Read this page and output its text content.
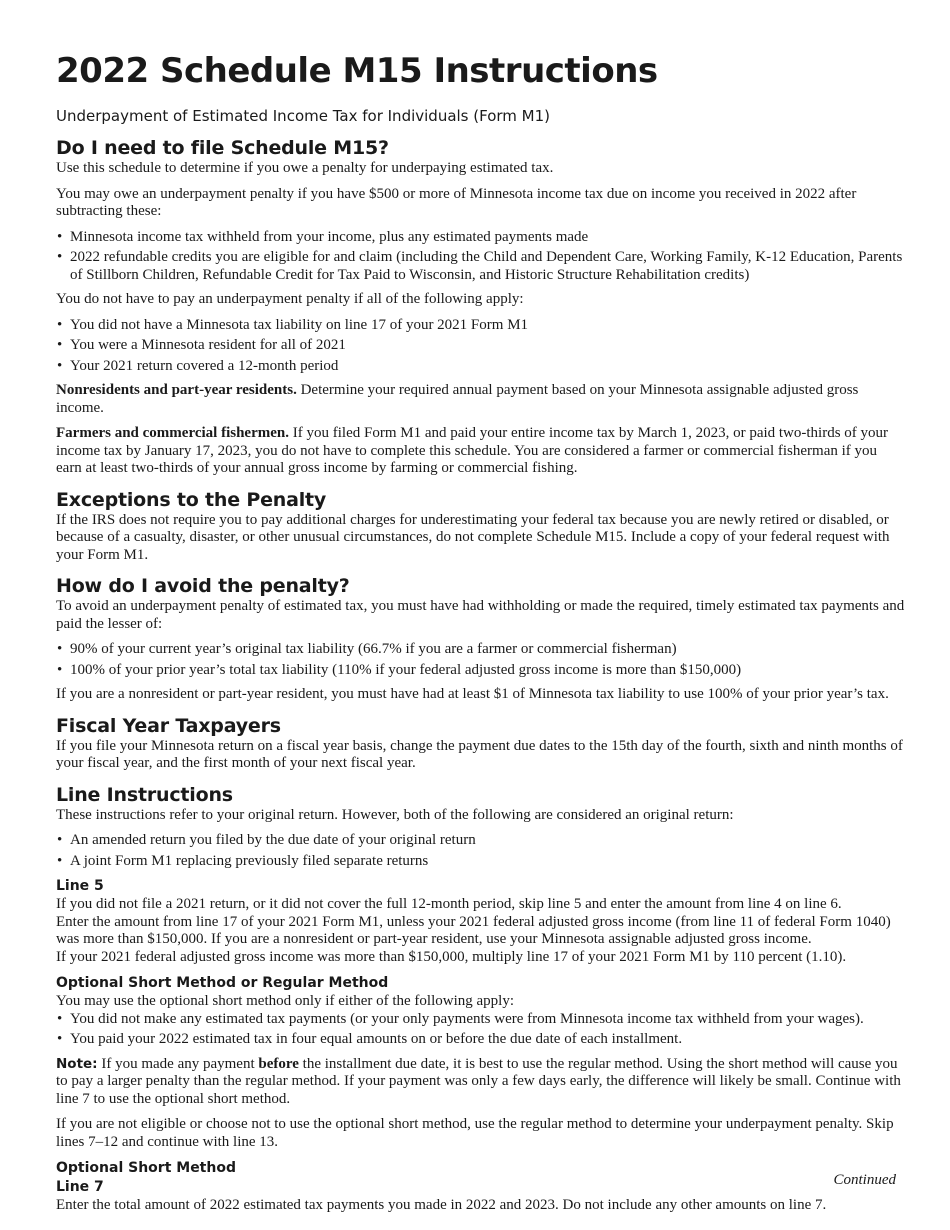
2022 Schedule M15 Instructions
Underpayment of Estimated Income Tax for Individuals (Form M1)
Do I need to file Schedule M15?

Use this schedule to determine if you owe a penalty for underpaying estimated tax.

You may owe an underpayment penalty if you have $500 or more of Minnesota income tax due on income you received in 2022 after subtracting these:

• Minnesota income tax withheld from your income, plus any estimated payments made
• 2022 refundable credits you are eligible for and claim (including the Child and Dependent Care, Working Family, K-12 Education, Parents of Stillborn Children, Refundable Credit for Tax Paid to Wisconsin, and Historic Structure Rehabilitation credits)

You do not have to pay an underpayment penalty if all of the following apply:

• You did not have a Minnesota tax liability on line 17 of your 2021 Form M1
• You were a Minnesota resident for all of 2021
• Your 2021 return covered a 12-month period

Nonresidents and part-year residents. Determine your required annual payment based on your Minnesota assignable adjusted gross income.

Farmers and commercial fishermen. If you filed Form M1 and paid your entire income tax by March 1, 2023, or paid two-thirds of your income tax by January 17, 2023, you do not have to complete this schedule. You are considered a farmer or commercial fisherman if you earn at least two-thirds of your annual gross income by farming or commercial fishing.

Exceptions to the Penalty

If the IRS does not require you to pay additional charges for underestimating your federal tax because you are newly retired or disabled, or because of a casualty, disaster, or other unusual circumstances, do not complete Schedule M15. Include a copy of your federal request with your Form M1.

How do I avoid the penalty?

To avoid an underpayment penalty of estimated tax, you must have had withholding or made the required, timely estimated tax payments and paid the lesser of:

• 90% of your current year’s original tax liability (66.7% if you are a farmer or commercial fisherman)
• 100% of your prior year’s total tax liability (110% if your federal adjusted gross income is more than $150,000)

If you are a nonresident or part-year resident, you must have had at least $1 of Minnesota tax liability to use 100% of your prior year’s tax.

Fiscal Year Taxpayers

If you file your Minnesota return on a fiscal year basis, change the payment due dates to the 15th day of the fourth, sixth and ninth months of your fiscal year, and the first month of your next fiscal year.

Line Instructions

These instructions refer to your original return. However, both of the following are considered an original return:

• An amended return you filed by the due date of your original return
• A joint Form M1 replacing previously filed separate returns
Line 5

If you did not file a 2021 return, or it did not cover the full 12-month period, skip line 5 and enter the amount from line 4 on line 6.

Enter the amount from line 17 of your 2021 Form M1, unless your 2021 federal adjusted gross income (from line 11 of federal Form 1040) was more than $150,000. If you are a nonresident or part-year resident, use your Minnesota assignable adjusted gross income.

If your 2021 federal adjusted gross income was more than $150,000, multiply line 17 of your 2021 Form M1 by 110 percent (1.10).

Optional Short Method or Regular Method

You may use the optional short method only if either of the following apply:

• You did not make any estimated tax payments (or your only payments were from Minnesota income tax withheld from your wages).
• You paid your 2022 estimated tax in four equal amounts on or before the due date of each installment.

Note: If you made any payment before the installment due date, it is best to use the regular method. Using the short method will cause you to pay a larger penalty than the regular method. If your payment was only a few days early, the difference will likely be small. Continue with line 7 to use the optional short method.

If you are not eligible or choose not to use the optional short method, use the regular method to determine your underpayment penalty. Skip lines 7–12 and continue with line 13.

Optional Short Method
Line 7

Enter the total amount of 2022 estimated tax payments you made in 2022 and 2023. Do not include any other amounts on line 7.

Continued
